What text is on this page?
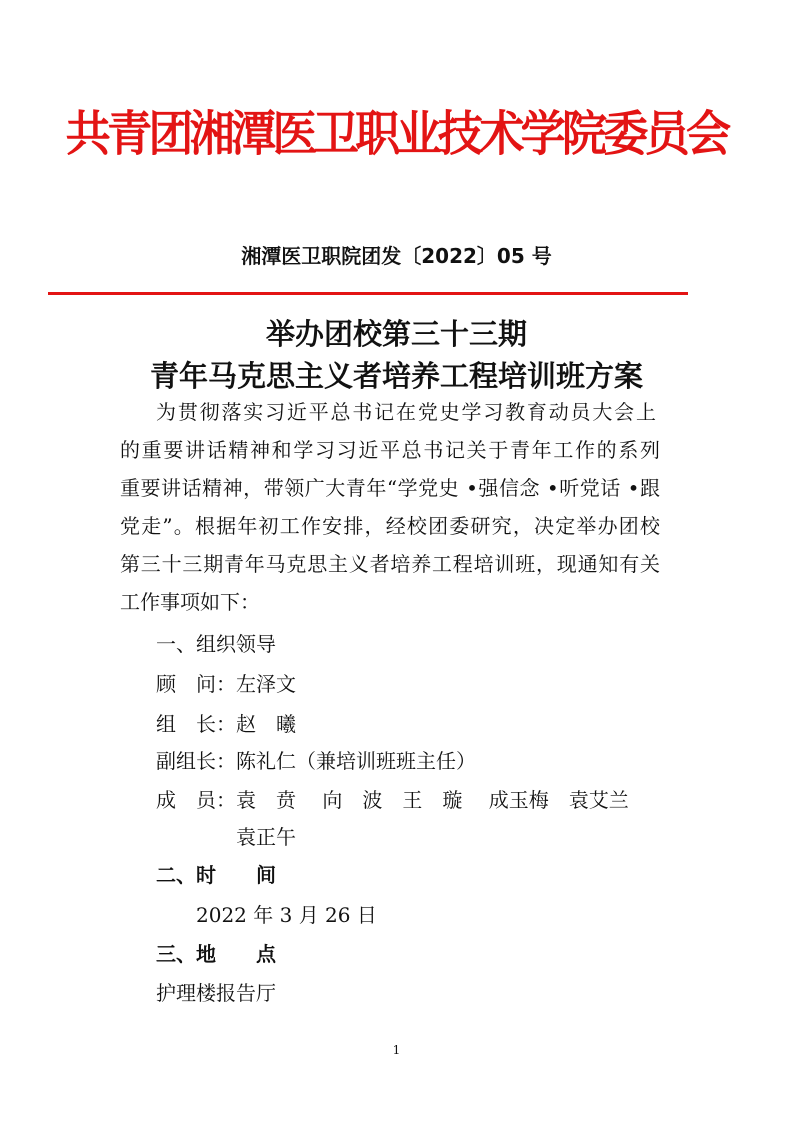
共青团湘潭医卫职业技术学院委员会
湘潭医卫职院团发〔2022〕05 号
举办团校第三十三期
青年马克思主义者培养工程培训班方案
为贯彻落实习近平总书记在党史学习教育动员大会上
的重要讲话精神和学习习近平总书记关于青年工作的系列
重要讲话精神，带领广大青年“学党史 •强信念 •听党话 •跟
党走”。根据年初工作安排，经校团委研究，决定举办团校
第三十三期青年马克思主义者培养工程培训班，现通知有关
工作事项如下：
一、组织领导
顾　问：左泽文
组　长：赵　曦
副组长：陈礼仁（兼培训班班主任）
成　员：袁　贲　 向　波　王　璇　 成玉梅　袁艾兰
袁正午
二、时　　间
2022 年 3 月 26 日
三、地　　点
护理楼报告厅
1
